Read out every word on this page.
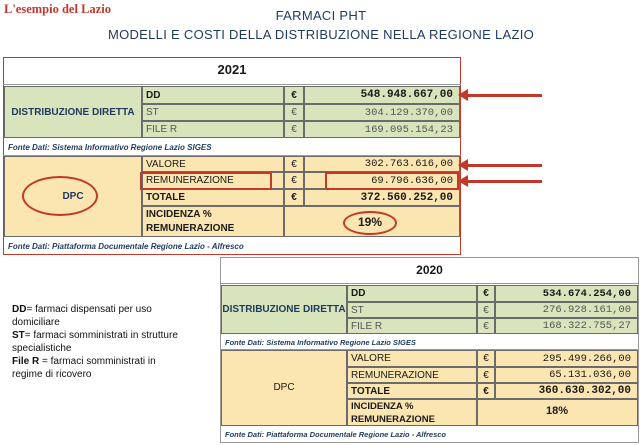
L'esempio del Lazio	FARMACI PHT
MODELLI E COSTI DELLA DISTRIBUZIONE NELLA REGIONE LAZIO
2021
DISTRIBUZIONE DIRETTA
DD	€	548.948.667,00
ST	€	304.129.370,00
FILE R	€	169.095.154,23
Fonte Dati: Sistema Informativo Regione Lazio SIGES
DPC
VALORE	€	302.763.616,00
REMUNERAZIONE	€	69.796.636,00
TOTALE	€	372.560.252,00
INCIDENZA %
REMUNERAZIONE	19%
Fonte Dati: Piattaforma Documentale Regione Lazio - Alfresco
2020
DISTRIBUZIONE DIRETTA
DD	€	534.674.254,00
ST	€	276.928.161,00
FILE R	€	168.322.755,27
Fonte Dati: Sistema Informativo Regione Lazio SIGES
DPC
VALORE	€	295.499.266,00
REMUNERAZIONE	€	65.131.036,00
TOTALE	€	360.630.302,00
INCIDENZA %
REMUNERAZIONE
18%
Fonte Dati: Piattaforma Documentale Regione Lazio - Alfresco
DD= farmaci dispensati per uso
domiciliare
ST= farmaci somministrati in strutture
specialistiche
File R = farmaci somministrati in
regime di ricovero
